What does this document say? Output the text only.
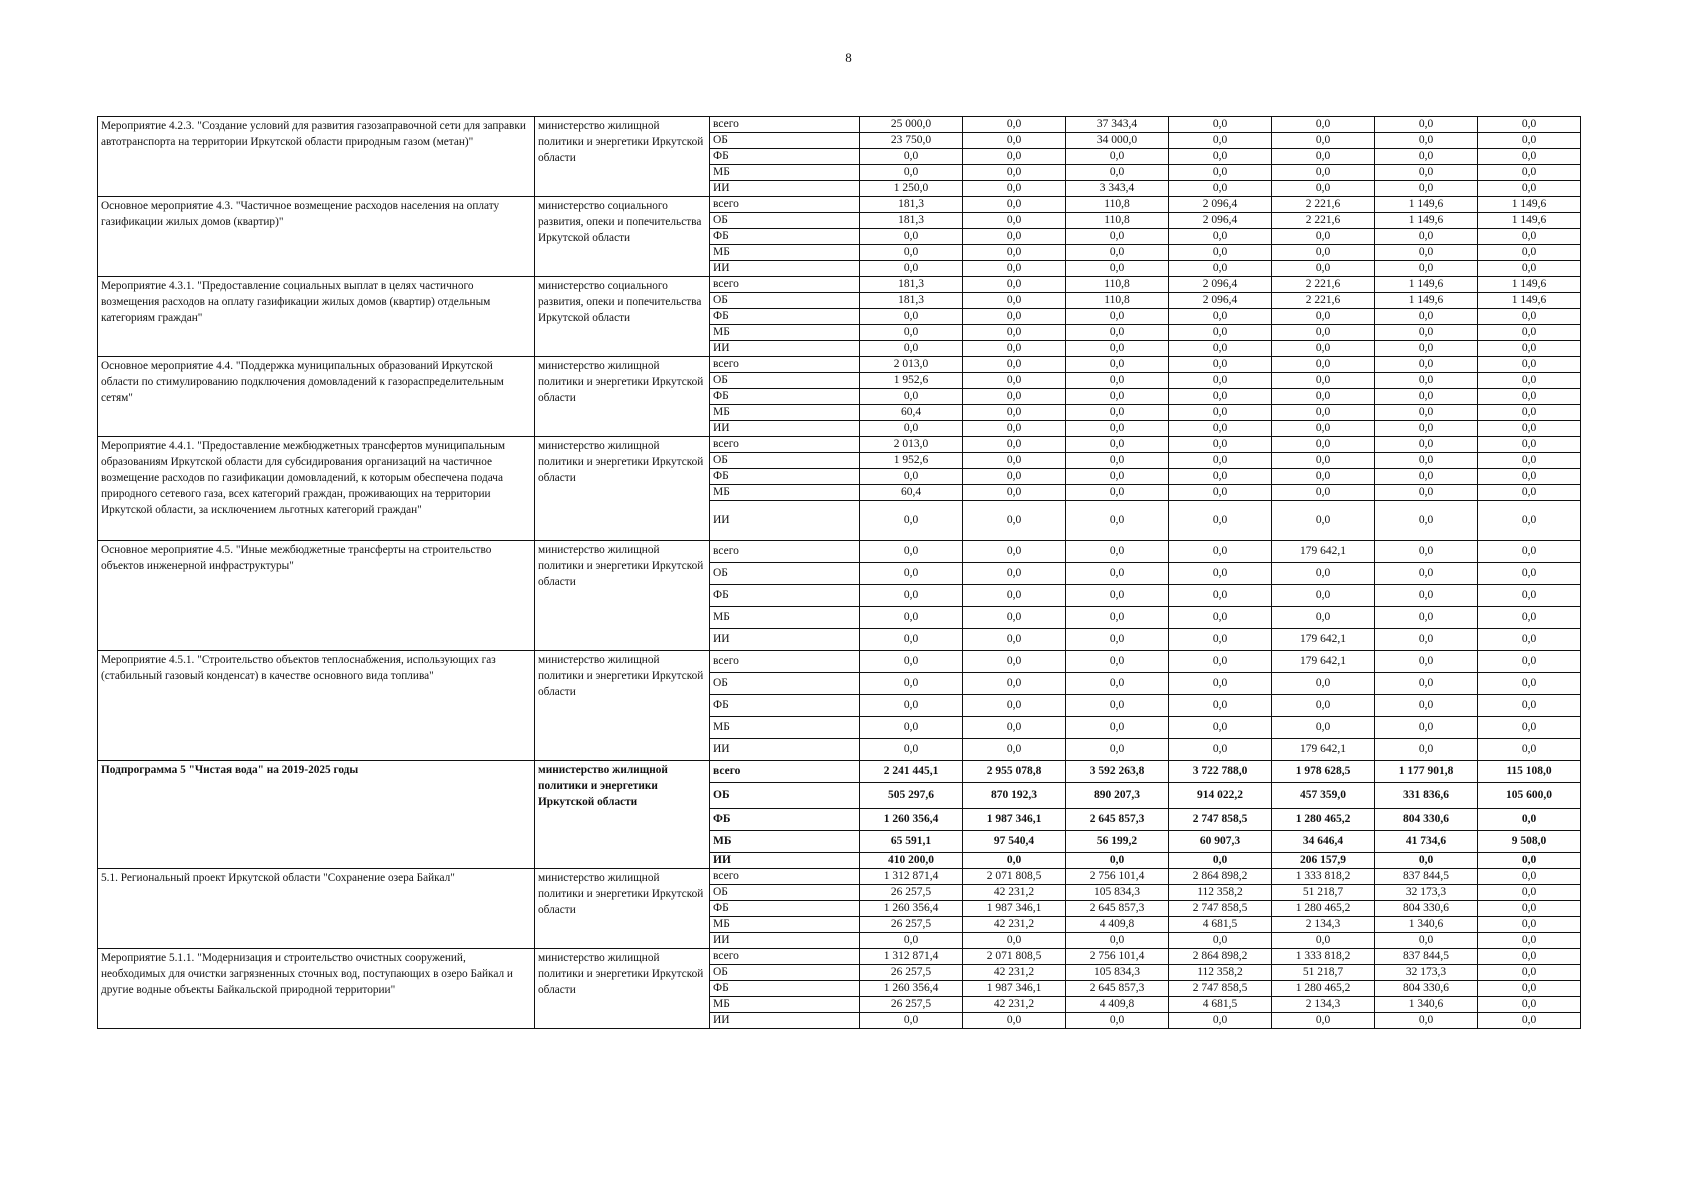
8
Мероприятие 4.2.3. "Создание условий для развития газозаправочной сети для заправки автотранспорта на территории Иркутской области природным газом (метан)"	министерство жилищной политики и энергетики Иркутской области	всего	25 000,0	0,0	37 343,4	0,0	0,0	0,0	0,0
		ОБ	23 750,0	0,0	34 000,0	0,0	0,0	0,0	0,0
		ФБ	0,0	0,0	0,0	0,0	0,0	0,0	0,0
		МБ	0,0	0,0	0,0	0,0	0,0	0,0	0,0
		ИИ	1 250,0	0,0	3 343,4	0,0	0,0	0,0	0,0
Основное мероприятие 4.3. "Частичное возмещение расходов населения на оплату газификации жилых домов (квартир)"	министерство социального развития, опеки и попечительства Иркутской области	всего	181,3	0,0	110,8	2 096,4	2 221,6	1 149,6	1 149,6
		ОБ	181,3	0,0	110,8	2 096,4	2 221,6	1 149,6	1 149,6
		ФБ	0,0	0,0	0,0	0,0	0,0	0,0	0,0
		МБ	0,0	0,0	0,0	0,0	0,0	0,0	0,0
		ИИ	0,0	0,0	0,0	0,0	0,0	0,0	0,0
Мероприятие 4.3.1. "Предоставление социальных выплат в целях частичного возмещения расходов на оплату газификации жилых домов (квартир) отдельным категориям граждан"	министерство социального развития, опеки и попечительства Иркутской области	всего	181,3	0,0	110,8	2 096,4	2 221,6	1 149,6	1 149,6
		ОБ	181,3	0,0	110,8	2 096,4	2 221,6	1 149,6	1 149,6
		ФБ	0,0	0,0	0,0	0,0	0,0	0,0	0,0
		МБ	0,0	0,0	0,0	0,0	0,0	0,0	0,0
		ИИ	0,0	0,0	0,0	0,0	0,0	0,0	0,0
Основное мероприятие 4.4. "Поддержка муниципальных образований Иркутской области по стимулированию подключения домовладений к газораспределительным сетям"	министерство жилищной политики и энергетики Иркутской области	всего	2 013,0	0,0	0,0	0,0	0,0	0,0	0,0
		ОБ	1 952,6	0,0	0,0	0,0	0,0	0,0	0,0
		ФБ	0,0	0,0	0,0	0,0	0,0	0,0	0,0
		МБ	60,4	0,0	0,0	0,0	0,0	0,0	0,0
		ИИ	0,0	0,0	0,0	0,0	0,0	0,0	0,0
Мероприятие 4.4.1. "Предоставление межбюджетных трансфертов муниципальным образованиям Иркутской области для субсидирования организаций на частичное возмещение расходов по газификации домовладений, к которым обеспечена подача природного сетевого газа, всех категорий граждан, проживающих на территории Иркутской области, за исключением льготных категорий граждан"	министерство жилищной политики и энергетики Иркутской области	всего	2 013,0	0,0	0,0	0,0	0,0	0,0	0,0
		ОБ	1 952,6	0,0	0,0	0,0	0,0	0,0	0,0
		ФБ	0,0	0,0	0,0	0,0	0,0	0,0	0,0
		МБ	60,4	0,0	0,0	0,0	0,0	0,0	0,0
		ИИ	0,0	0,0	0,0	0,0	0,0	0,0	0,0
Основное мероприятие 4.5. "Иные межбюджетные трансферты на строительство объектов инженерной инфраструктуры"	министерство жилищной политики и энергетики Иркутской области	всего	0,0	0,0	0,0	0,0	179 642,1	0,0	0,0
		ОБ	0,0	0,0	0,0	0,0	0,0	0,0	0,0
		ФБ	0,0	0,0	0,0	0,0	0,0	0,0	0,0
		МБ	0,0	0,0	0,0	0,0	0,0	0,0	0,0
		ИИ	0,0	0,0	0,0	0,0	179 642,1	0,0	0,0
Мероприятие 4.5.1. "Строительство объектов теплоснабжения, использующих газ (стабильный газовый конденсат) в качестве основного вида топлива"	министерство жилищной политики и энергетики Иркутской области	всего	0,0	0,0	0,0	0,0	179 642,1	0,0	0,0
		ОБ	0,0	0,0	0,0	0,0	0,0	0,0	0,0
		ФБ	0,0	0,0	0,0	0,0	0,0	0,0	0,0
		МБ	0,0	0,0	0,0	0,0	0,0	0,0	0,0
		ИИ	0,0	0,0	0,0	0,0	179 642,1	0,0	0,0
Подпрограмма 5 "Чистая вода" на 2019-2025 годы	министерство жилищной политики и энергетики Иркутской области	всего	2 241 445,1	2 955 078,8	3 592 263,8	3 722 788,0	1 978 628,5	1 177 901,8	115 108,0
		ОБ	505 297,6	870 192,3	890 207,3	914 022,2	457 359,0	331 836,6	105 600,0
		ФБ	1 260 356,4	1 987 346,1	2 645 857,3	2 747 858,5	1 280 465,2	804 330,6	0,0
		МБ	65 591,1	97 540,4	56 199,2	60 907,3	34 646,4	41 734,6	9 508,0
		ИИ	410 200,0	0,0	0,0	0,0	206 157,9	0,0	0,0
5.1. Региональный проект Иркутской области "Сохранение озера Байкал"	министерство жилищной политики и энергетики Иркутской области	всего	1 312 871,4	2 071 808,5	2 756 101,4	2 864 898,2	1 333 818,2	837 844,5	0,0
		ОБ	26 257,5	42 231,2	105 834,3	112 358,2	51 218,7	32 173,3	0,0
		ФБ	1 260 356,4	1 987 346,1	2 645 857,3	2 747 858,5	1 280 465,2	804 330,6	0,0
		МБ	26 257,5	42 231,2	4 409,8	4 681,5	2 134,3	1 340,6	0,0
		ИИ	0,0	0,0	0,0	0,0	0,0	0,0	0,0
Мероприятие 5.1.1. "Модернизация и строительство очистных сооружений, необходимых для очистки загрязненных сточных вод, поступающих в озеро Байкал и другие водные объекты Байкальской природной территории"	министерство жилищной политики и энергетики Иркутской области	всего	1 312 871,4	2 071 808,5	2 756 101,4	2 864 898,2	1 333 818,2	837 844,5	0,0
		ОБ	26 257,5	42 231,2	105 834,3	112 358,2	51 218,7	32 173,3	0,0
		ФБ	1 260 356,4	1 987 346,1	2 645 857,3	2 747 858,5	1 280 465,2	804 330,6	0,0
		МБ	26 257,5	42 231,2	4 409,8	4 681,5	2 134,3	1 340,6	0,0
		ИИ	0,0	0,0	0,0	0,0	0,0	0,0	0,0
